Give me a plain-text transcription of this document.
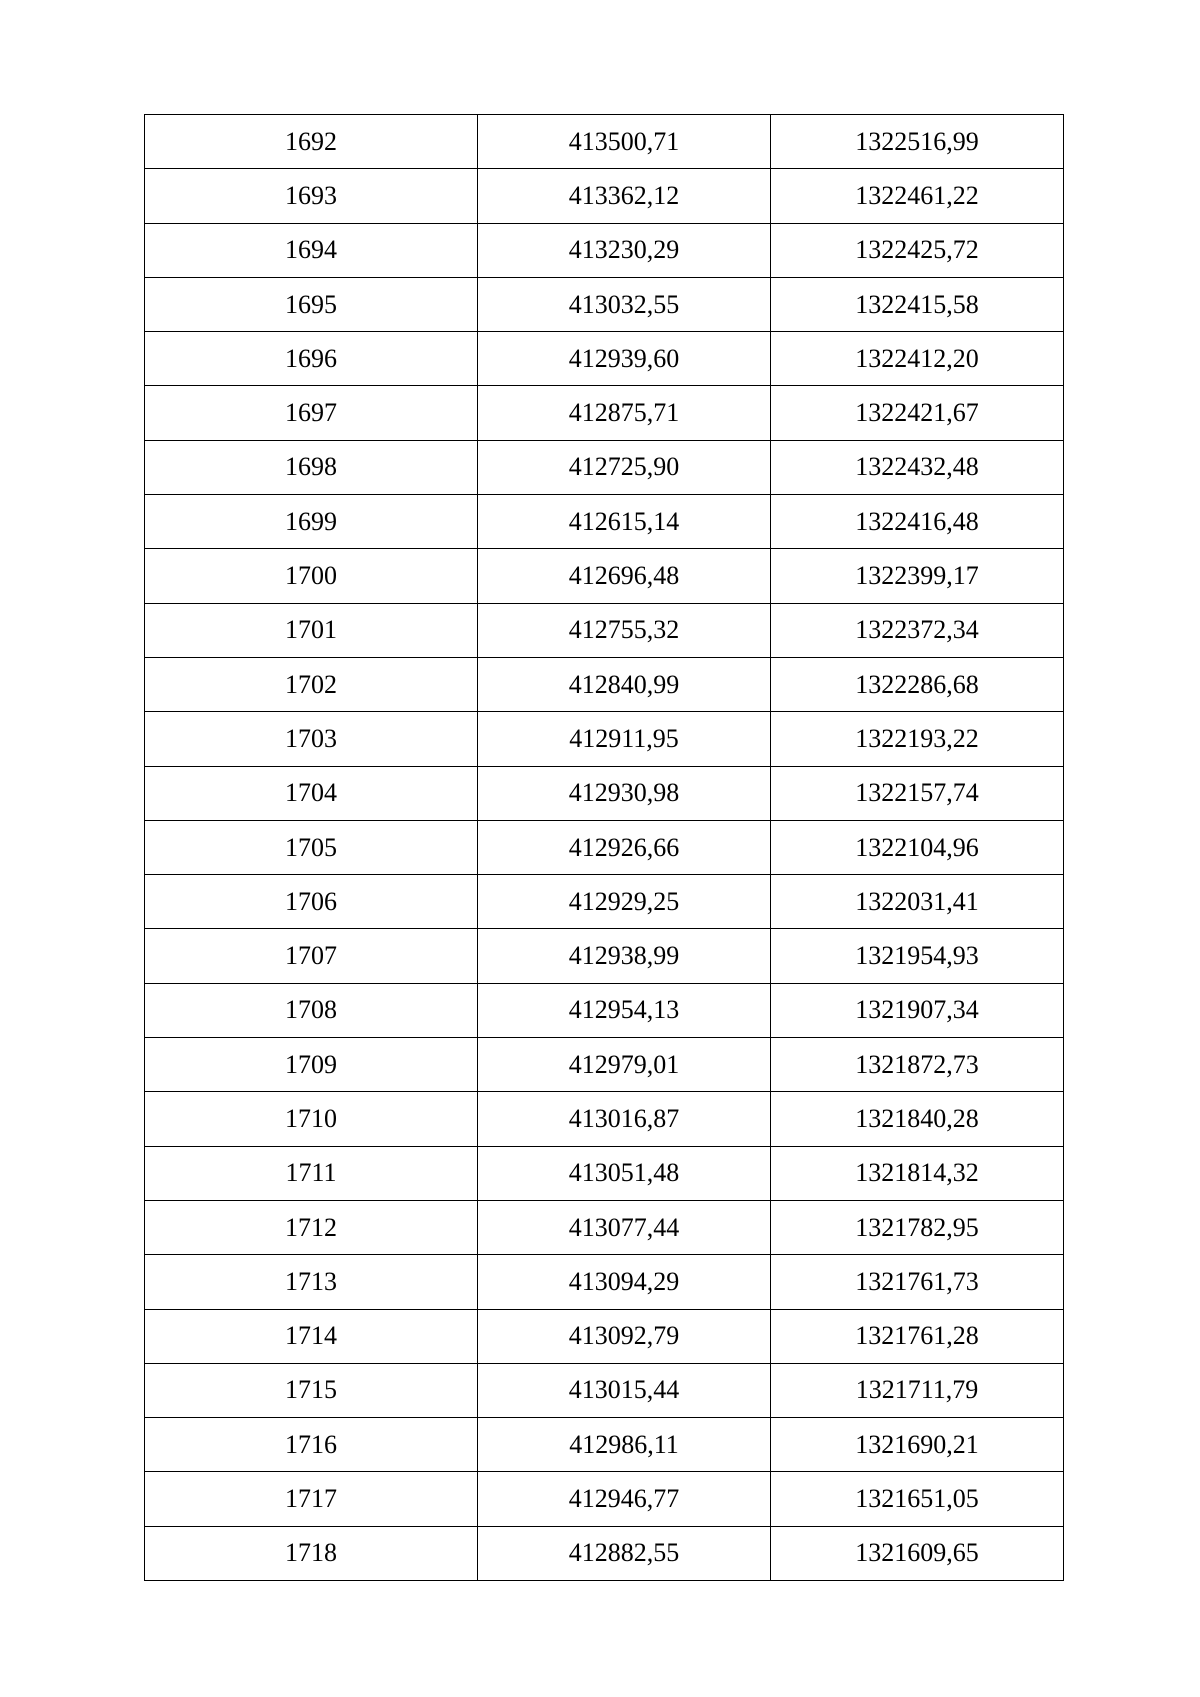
1692	413500,71	1322516,99
1693	413362,12	1322461,22
1694	413230,29	1322425,72
1695	413032,55	1322415,58
1696	412939,60	1322412,20
1697	412875,71	1322421,67
1698	412725,90	1322432,48
1699	412615,14	1322416,48
1700	412696,48	1322399,17
1701	412755,32	1322372,34
1702	412840,99	1322286,68
1703	412911,95	1322193,22
1704	412930,98	1322157,74
1705	412926,66	1322104,96
1706	412929,25	1322031,41
1707	412938,99	1321954,93
1708	412954,13	1321907,34
1709	412979,01	1321872,73
1710	413016,87	1321840,28
1711	413051,48	1321814,32
1712	413077,44	1321782,95
1713	413094,29	1321761,73
1714	413092,79	1321761,28
1715	413015,44	1321711,79
1716	412986,11	1321690,21
1717	412946,77	1321651,05
1718	412882,55	1321609,65
